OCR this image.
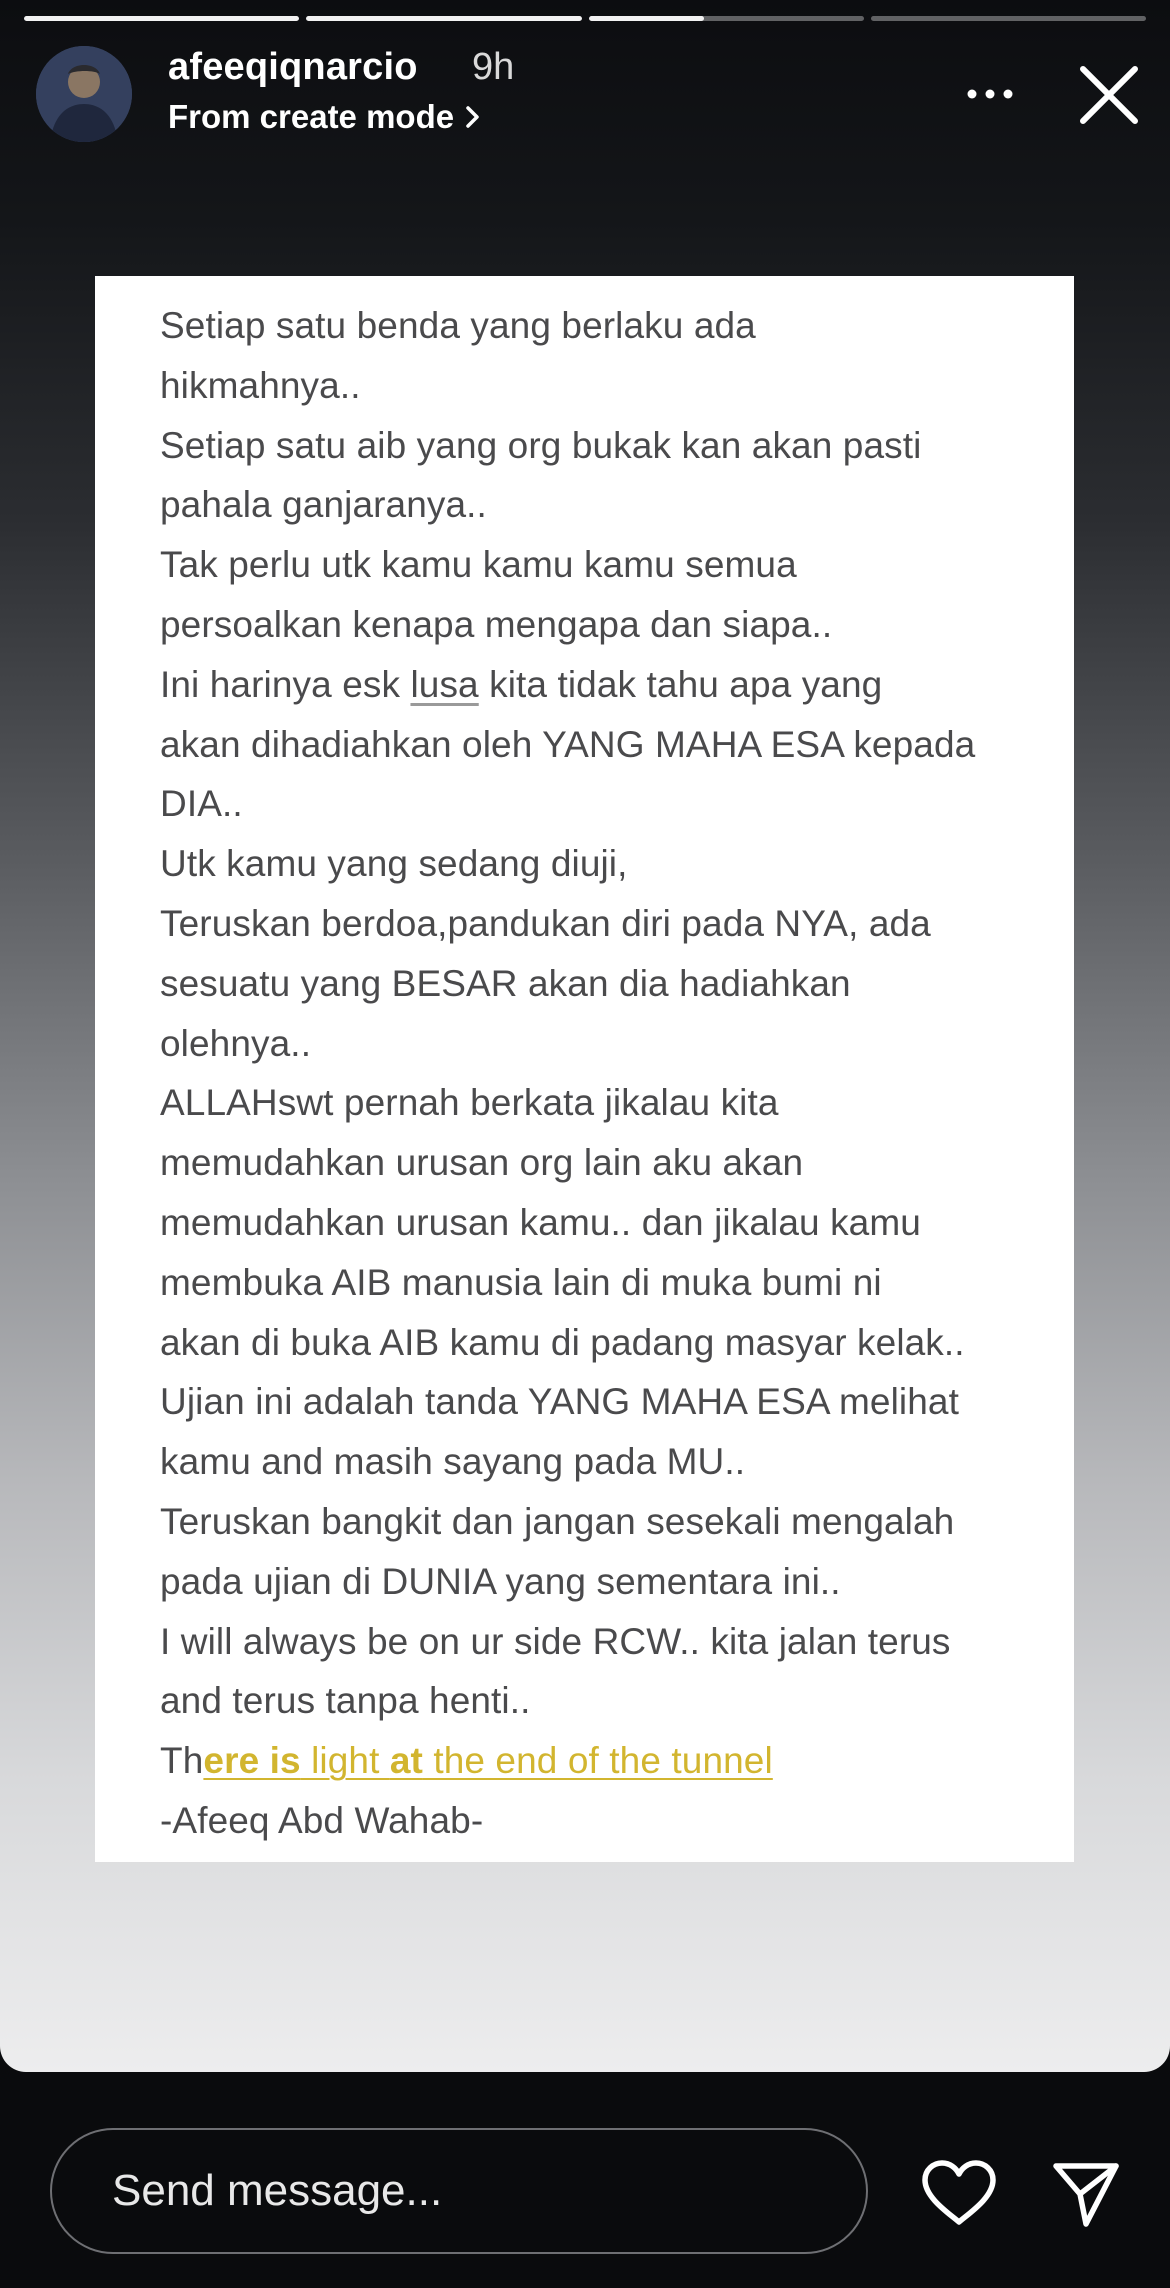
afeeqiqnarcio 9h
From create mode
Setiap satu benda yang berlaku ada
hikmahnya..
Setiap satu aib yang org bukak kan akan pasti
pahala ganjaranya..
Tak perlu utk kamu kamu kamu semua
persoalkan kenapa mengapa dan siapa..
Ini harinya esk lusa kita tidak tahu apa yang
akan dihadiahkan oleh YANG MAHA ESA kepada
DIA..
Utk kamu yang sedang diuji,
Teruskan berdoa,pandukan diri pada NYA, ada
sesuatu yang BESAR akan dia hadiahkan
olehnya..
ALLAHswt pernah berkata jikalau kita
memudahkan urusan org lain aku akan
memudahkan urusan kamu.. dan jikalau kamu
membuka AIB manusia lain di muka bumi ni
akan di buka AIB kamu di padang masyar kelak..
Ujian ini adalah tanda YANG MAHA ESA melihat
kamu and masih sayang pada MU..
Teruskan bangkit dan jangan sesekali mengalah
pada ujian di DUNIA yang sementara ini..
I will always be on ur side RCW.. kita jalan terus
and terus tanpa henti..
There is light at the end of the tunnel
-Afeeq Abd Wahab-
Send message...
